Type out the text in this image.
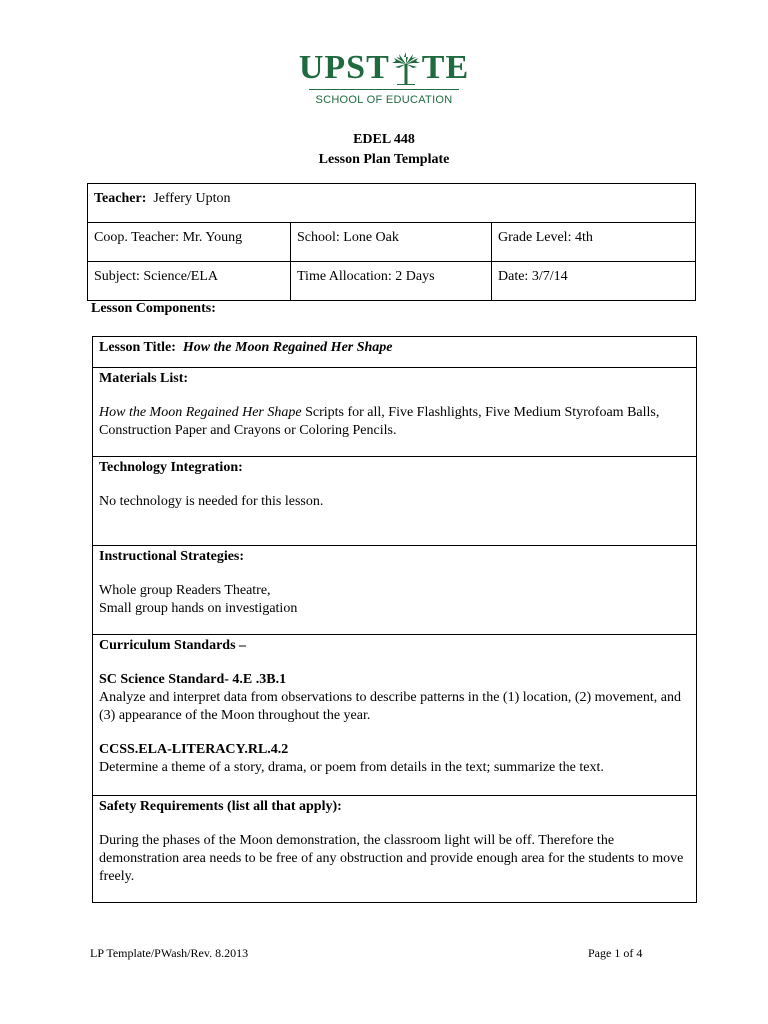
UPST TE
SCHOOL OF EDUCATION
EDEL 448
Lesson Plan Template
Teacher: Jeffery Upton		
Coop. Teacher: Mr. Young	School: Lone Oak	Grade Level: 4th
Subject: Science/ELA	Time Allocation: 2 Days	Date: 3/7/14
Lesson Components:
Lesson Title: How the Moon Regained Her Shape

Materials List:

How the Moon Regained Her Shape Scripts for all, Five Flashlights, Five Medium Styrofoam Balls, Construction Paper and Crayons or Coloring Pencils.

Technology Integration:

No technology is needed for this lesson.

Instructional Strategies:

Whole group Readers Theatre,

Small group hands on investigation

Curriculum Standards –

SC Science Standard- 4.E .3B.1

Analyze and interpret data from observations to describe patterns in the (1) location, (2) movement, and (3) appearance of the Moon throughout the year.

CCSS.ELA-LITERACY.RL.4.2

Determine a theme of a story, drama, or poem from details in the text; summarize the text.

Safety Requirements (list all that apply):

During the phases of the Moon demonstration, the classroom light will be off. Therefore the demonstration area needs to be free of any obstruction and provide enough area for the students to move freely.

LP Template/PWash/Rev. 8.2013	Page 1 of 4
